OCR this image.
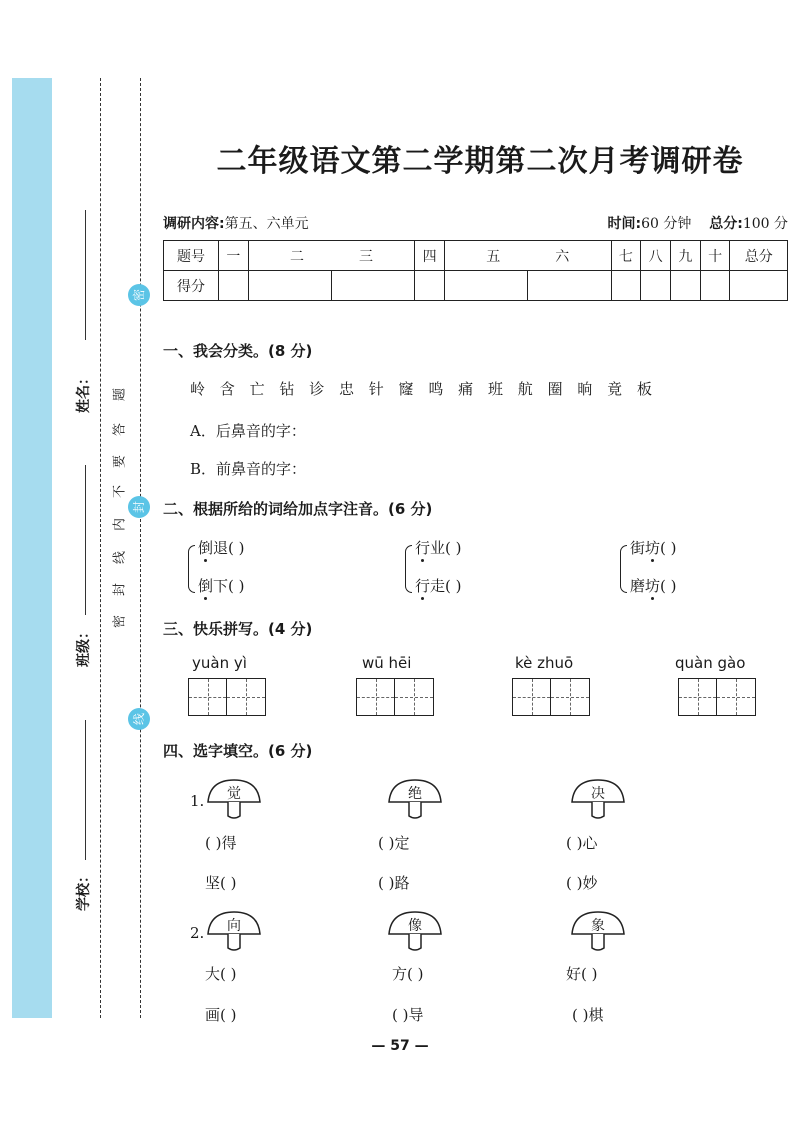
姓名：
班级：
学校：
题
答
要
不
内
线
封
密
密
封
线
二年级语文第二学期第二次月考调研卷
调研内容:第五、六单元	时间:60 分钟 总分:100 分
题号	一	二 三		四	五 六		七	八	九	十	总分
得分											
一、我会分类。(8 分)
岭 含 亡 钻 诊 忠 针 窿 鸣 痛 班 航 圈 晌 竟 板
A．后鼻音的字：
B．前鼻音的字：
二、根据所给的词给加点字注音。(6 分)
倒退( )
倒下( )
行业( )
行走( )
街坊( )
磨坊( )
三、快乐拼写。(4 分)
yuàn yì	wū hēi	kè zhuō	quàn gào
四、选字填空。(6 分)
1.	觉	绝	决
( )得	( )定	( )心
坚( )	( )路	( )妙
2.	向	像	象
大( )	方( )	好( )
画( )	( )导	( )棋
— 57 —
